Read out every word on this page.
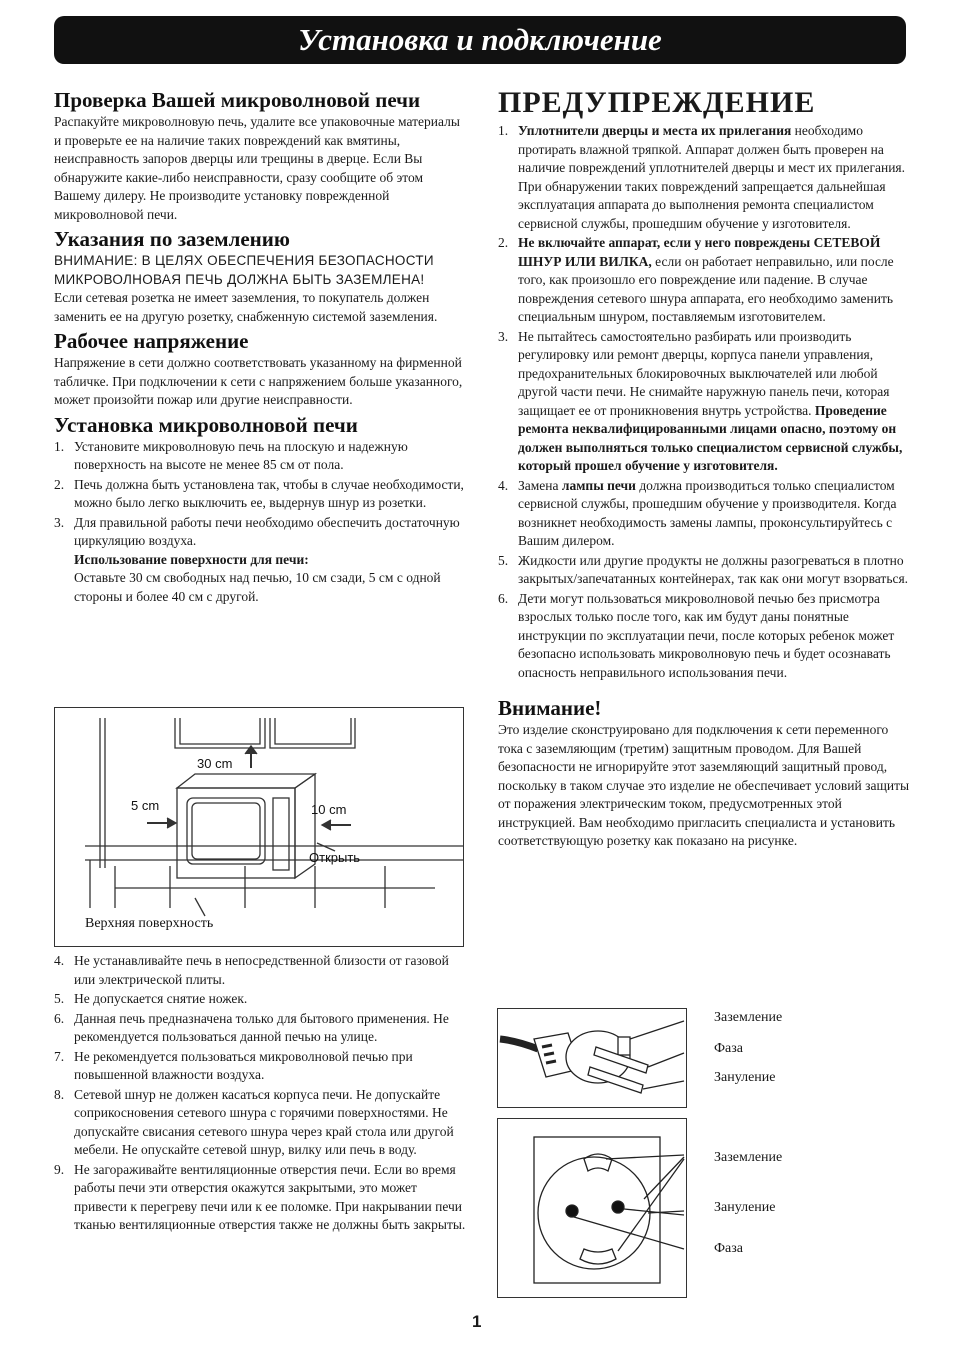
Установка и подключение
Проверка Вашей микроволновой печи

Распакуйте микроволновую печь, удалите все упаковочные материалы и проверьте ее на наличие таких повреждений как вмятины, неисправность запоров дверцы или трещины в дверце. Если Вы обнаружите какие-либо неисправности, сразу сообщите об этом Вашему дилеру. Не производите установку поврежденной микроволновой печи.

Указания по заземлению

ВНИМАНИЕ: В ЦЕЛЯХ ОБЕСПЕЧЕНИЯ БЕЗОПАСНОСТИ МИКРОВОЛНОВАЯ ПЕЧЬ ДОЛЖНА БЫТЬ ЗАЗЕМЛЕНА!

Если сетевая розетка не имеет заземления, то покупатель должен заменить ее на другую розетку, снабженную системой заземления.

Рабочее напряжение

Напряжение в сети должно соответствовать указанному на фирменной табличке. При подключении к сети с напряжением больше указанного, может произойти пожар или другие неисправности.

Установка микроволновой печи
1. Установите микроволновую печь на плоскую и надежную поверхность на высоте не менее 85 см от пола.
2. Печь должна быть установлена так, чтобы в случае необходимости, можно было легко выключить ее, выдернув шнур из розетки.
3. Для правильной работы печи необходимо обеспечить достаточную циркуляцию воздуха.
Использование поверхности для печи:
Оставьте 30 см свободных над печью, 10 см сзади, 5 см с одной стороны и более 40 см с другой.
30 cm
5 cm	10 cm
Открыть
Верхняя поверхность
4. Не устанавливайте печь в непосредственной близости от газовой или электрической плиты.
5. Не допускается снятие ножек.
6. Данная печь предназначена только для бытового применения. Не рекомендуется пользоваться данной печью на улице.
7. Не рекомендуется пользоваться микроволновой печью при повышенной влажности воздуха.
8. Сетевой шнур не должен касаться корпуса печи. Не допускайте соприкосновения сетевого шнура с горячими поверхностями. Не допускайте свисания сетевого шнура через край стола или другой мебели. Не опускайте сетевой шнур, вилку или печь в воду.
9. Не загораживайте вентиляционные отверстия печи. Если во время работы печи эти отверстия окажутся закрытыми, это может привести к перегреву печи или к ее поломке. При накрывании печи тканью вентиляционные отверстия также не должны быть закрыты.
ПРЕДУПРЕЖДЕНИЕ
1. Уплотнители дверцы и места их прилегания необходимо протирать влажной тряпкой. Аппарат должен быть проверен на наличие повреждений уплотнителей дверцы и мест их прилегания. При обнаружении таких повреждений запрещается дальнейшая эксплуатация аппарата до выполнения ремонта специалистом сервисной службы, прошедшим обучение у изготовителя.
2. Не включайте аппарат, если у него повреждены СЕТЕВОЙ ШНУР ИЛИ ВИЛКА, если он работает неправильно, или после того, как произошло его повреждение или падение. В случае повреждения сетевого шнура аппарата, его необходимо заменить специальным шнуром, поставляемым изготовителем.
3. Не пытайтесь самостоятельно разбирать или производить регулировку или ремонт дверцы, корпуса панели управления, предохранительных блокировочных выключателей или любой другой части печи. Не снимайте наружную панель печи, которая защищает ее от проникновения внутрь устройства. Проведение ремонта неквалифицированными лицами опасно, поэтому он должен выполняться только специалистом сервисной службы, который прошел обучение у изготовителя.
4. Замена лампы печи должна производиться только специалистом сервисной службы, прошедшим обучение у производителя. Когда возникнет необходимость замены лампы, проконсультируйтесь с Вашим дилером.
5. Жидкости или другие продукты не должны разогреваться в плотно закрытых/запечатанных контейнерах, так как они могут взорваться.
6. Дети могут пользоваться микроволновой печью без присмотра взрослых только после того, как им будут даны понятные инструкции по эксплуатации печи, после которых ребенок может безопасно использовать микроволновую печь и будет осознавать опасность неправильного использования печи.
Внимание!

Это изделие сконструировано для подключения к сети переменного тока с заземляющим (третим) защитным проводом. Для Вашей безопасности не игнорируйте этот заземляющий защитный провод, поскольку в таком случае это изделие не обеспечивает условий защиты от поражения электрическим током, предусмотренных этой инструкцией. Вам необходимо пригласить специалиста и установить соответствующую розетку как показано на рисунке.

Заземление
Фаза
Зануление
Заземление
Зануление
Фаза
1
